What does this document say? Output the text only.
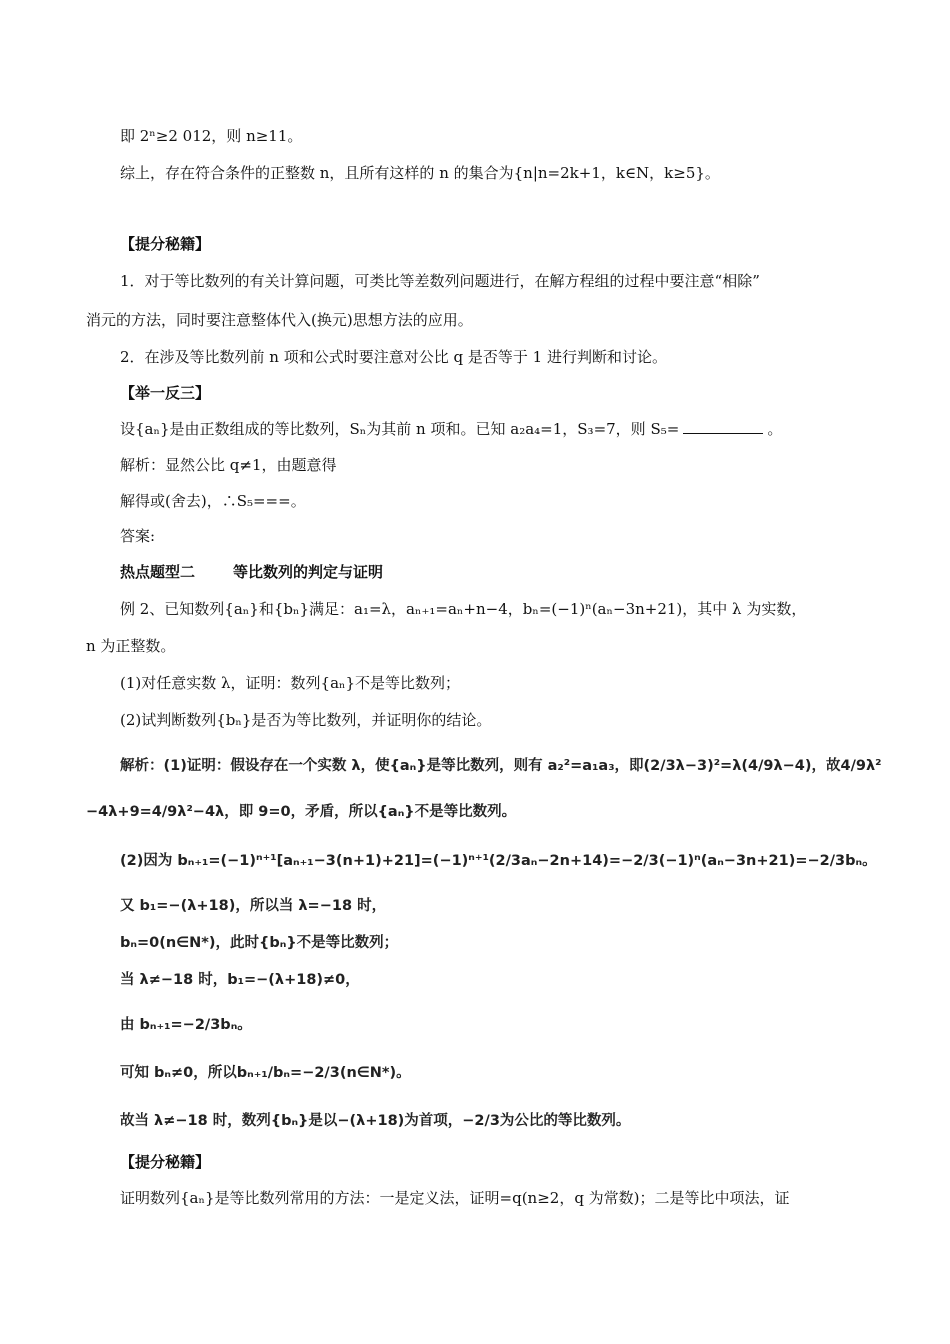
即 2ⁿ≥2 012，则 n≥11。
综上，存在符合条件的正整数 n，且所有这样的 n 的集合为{n|n=2k+1，k∈N，k≥5}。
【提分秘籍】
1．对于等比数列的有关计算问题，可类比等差数列问题进行，在解方程组的过程中要注意“相除”
消元的方法，同时要注意整体代入(换元)思想方法的应用。
2．在涉及等比数列前 n 项和公式时要注意对公比 q 是否等于 1 进行判断和讨论。
【举一反三】
设{aₙ}是由正数组成的等比数列，Sₙ为其前 n 项和。已知 a₂a₄=1，S₃=7，则 S₅=	。
解析：显然公比 q≠1，由题意得
解得或(舍去)，∴S₅===。
答案:
热点题型二	等比数列的判定与证明
例 2、已知数列{aₙ}和{bₙ}满足：a₁=λ，aₙ₊₁=aₙ+n−4，bₙ=(−1)ⁿ(aₙ−3n+21)，其中 λ 为实数，
n 为正整数。
(1)对任意实数 λ，证明：数列{aₙ}不是等比数列；
(2)试判断数列{bₙ}是否为等比数列，并证明你的结论。
解析：(1)证明：假设存在一个实数 λ，使{aₙ}是等比数列，则有 a₂²=a₁a₃，即(2/3λ−3)²=λ(4/9λ−4)，故4/9λ²
−4λ+9=4/9λ²−4λ，即 9=0，矛盾，所以{aₙ}不是等比数列。
(2)因为 bₙ₊₁=(−1)ⁿ⁺¹[aₙ₊₁−3(n+1)+21]=(−1)ⁿ⁺¹(2/3aₙ−2n+14)=−2/3(−1)ⁿ(aₙ−3n+21)=−2/3bₙ。
又 b₁=−(λ+18)，所以当 λ=−18 时，
bₙ=0(n∈N*)，此时{bₙ}不是等比数列；
当 λ≠−18 时，b₁=−(λ+18)≠0，
由 bₙ₊₁=−2/3bₙ。
可知 bₙ≠0，所以bₙ₊₁/bₙ=−2/3(n∈N*)。
故当 λ≠−18 时，数列{bₙ}是以−(λ+18)为首项，−2/3为公比的等比数列。
【提分秘籍】
证明数列{aₙ}是等比数列常用的方法：一是定义法，证明=q(n≥2，q 为常数)；二是等比中项法，证
